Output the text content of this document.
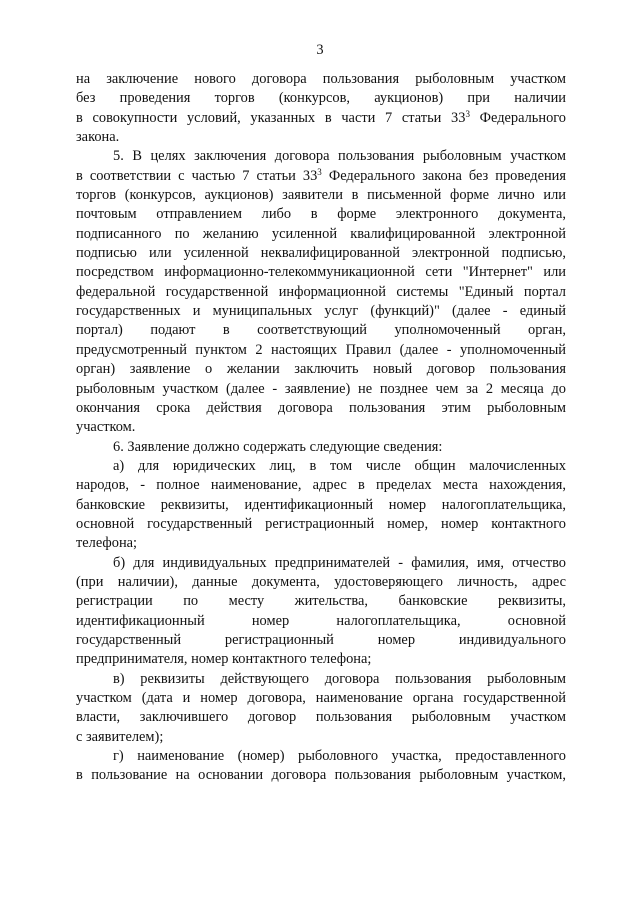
3
на заключение нового договора пользования рыболовным участком
без проведения торгов (конкурсов, аукционов) при наличии
в совокупности условий, указанных в части 7 статьи $33^3$ Федерального
закона.
5. В целях заключения договора пользования рыболовным участком
в соответствии с частью 7 статьи $33^3$ Федерального закона без проведения
торгов (конкурсов, аукционов) заявители в письменной форме лично или
почтовым отправлением либо в форме электронного документа,
подписанного по желанию усиленной квалифицированной электронной
подписью или усиленной неквалифицированной электронной подписью,
посредством информационно-телекоммуникационной сети "Интернет" или
федеральной государственной информационной системы "Единый портал
государственных и муниципальных услуг (функций)" (далее - единый
портал) подают в соответствующий уполномоченный орган,
предусмотренный пунктом 2 настоящих Правил (далее - уполномоченный
орган) заявление о желании заключить новый договор пользования
рыболовным участком (далее - заявление) не позднее чем за 2 месяца до
окончания срока действия договора пользования этим рыболовным
участком.
6. Заявление должно содержать следующие сведения:
а) для юридических лиц, в том числе общин малочисленных
народов, - полное наименование, адрес в пределах места нахождения,
банковские реквизиты, идентификационный номер налогоплательщика,
основной государственный регистрационный номер, номер контактного
телефона;
б) для индивидуальных предпринимателей - фамилия, имя, отчество
(при наличии), данные документа, удостоверяющего личность, адрес
регистрации по месту жительства, банковские реквизиты,
идентификационный номер налогоплательщика, основной
государственный регистрационный номер индивидуального
предпринимателя, номер контактного телефона;
в) реквизиты действующего договора пользования рыболовным
участком (дата и номер договора, наименование органа государственной
власти, заключившего договор пользования рыболовным участком
с заявителем);
г) наименование (номер) рыболовного участка, предоставленного
в пользование на основании договора пользования рыболовным участком,
